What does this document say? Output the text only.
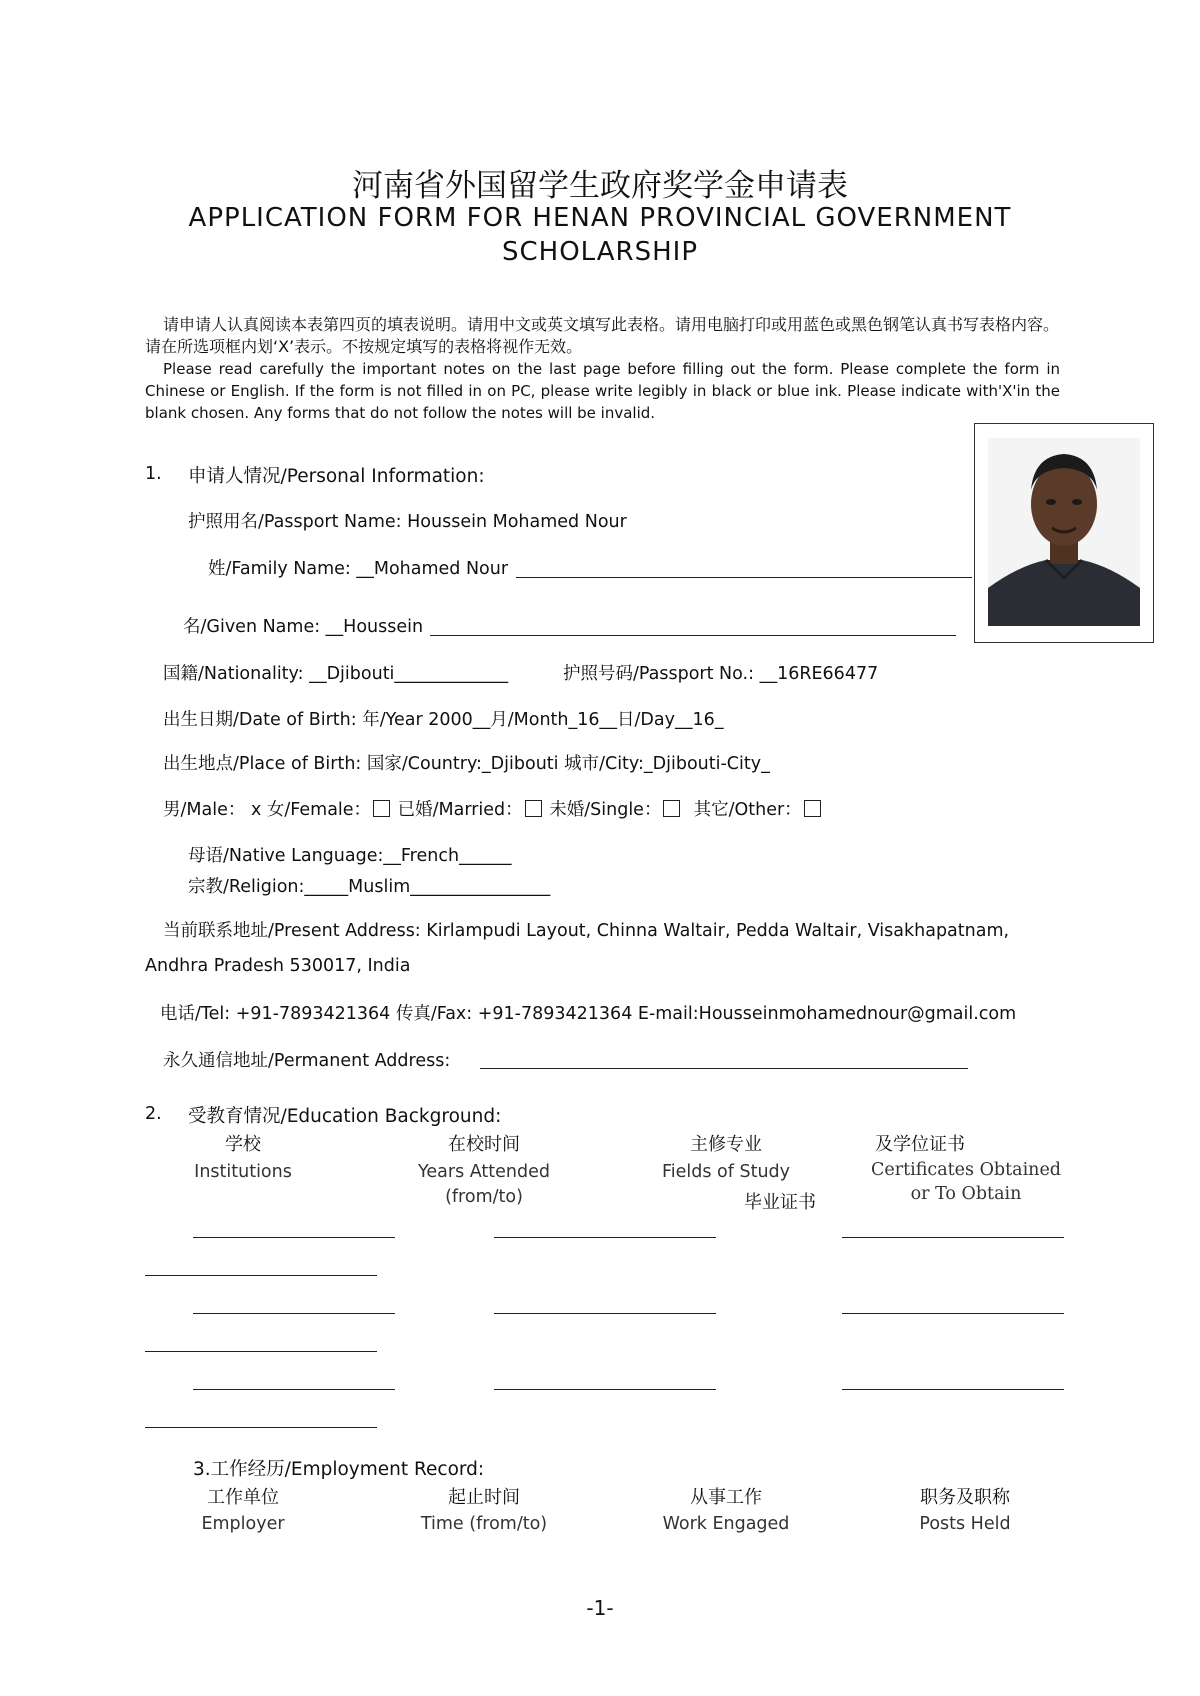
河南省外国留学生政府奖学金申请表
APPLICATION FORM FOR HENAN PROVINCIAL GOVERNMENT
SCHOLARSHIP
请申请人认真阅读本表第四页的填表说明。请用中文或英文填写此表格。请用电脑打印或用蓝色或黑色钢笔认真书写表格内容。请在所选项框内划‘X’表示。不按规定填写的表格将视作无效。
Please read carefully the important notes on the last page before filling out the form. Please complete the form in Chinese or English. If the form is not filled in on PC, please write legibly in black or blue ink. Please indicate with'X'in the blank chosen. Any forms that do not follow the notes will be invalid.
1. 申请人情况/Personal Information:
护照用名/Passport Name: Houssein Mohamed Nour
姓/Family Name: __Mohamed Nour
名/Given Name: __Houssein
国籍/Nationality: __Djibouti_____________	护照号码/Passport No.: __16RE66477
出生日期/Date of Birth: 年/Year 2000__月/Month_16__日/Day__16_
出生地点/Place of Birth: 国家/Country:_Djibouti 城市/City:_Djibouti-City_
男/Male： x 女/Female： 已婚/Married： 未婚/Single： 其它/Other：
母语/Native Language:__French______
宗教/Religion:_____Muslim________________
当前联系地址/Present Address: Kirlampudi Layout, Chinna Waltair, Pedda Waltair, Visakhapatnam,
Andhra Pradesh 530017, India
电话/Tel: +91-7893421364 传真/Fax: +91-7893421364 E-mail:Housseinmohamednour@gmail.com
永久通信地址/Permanent Address:
2. 受教育情况/Education Background:
学校
Institutions
在校时间
Years Attended
(from/to)
主修专业
Fields of Study
毕业证书
及学位证书
Certificates Obtained
or To Obtain
3.工作经历/Employment Record:
工作单位
Employer
起止时间
Time (from/to)
从事工作
Work Engaged
职务及职称
Posts Held
-1-
